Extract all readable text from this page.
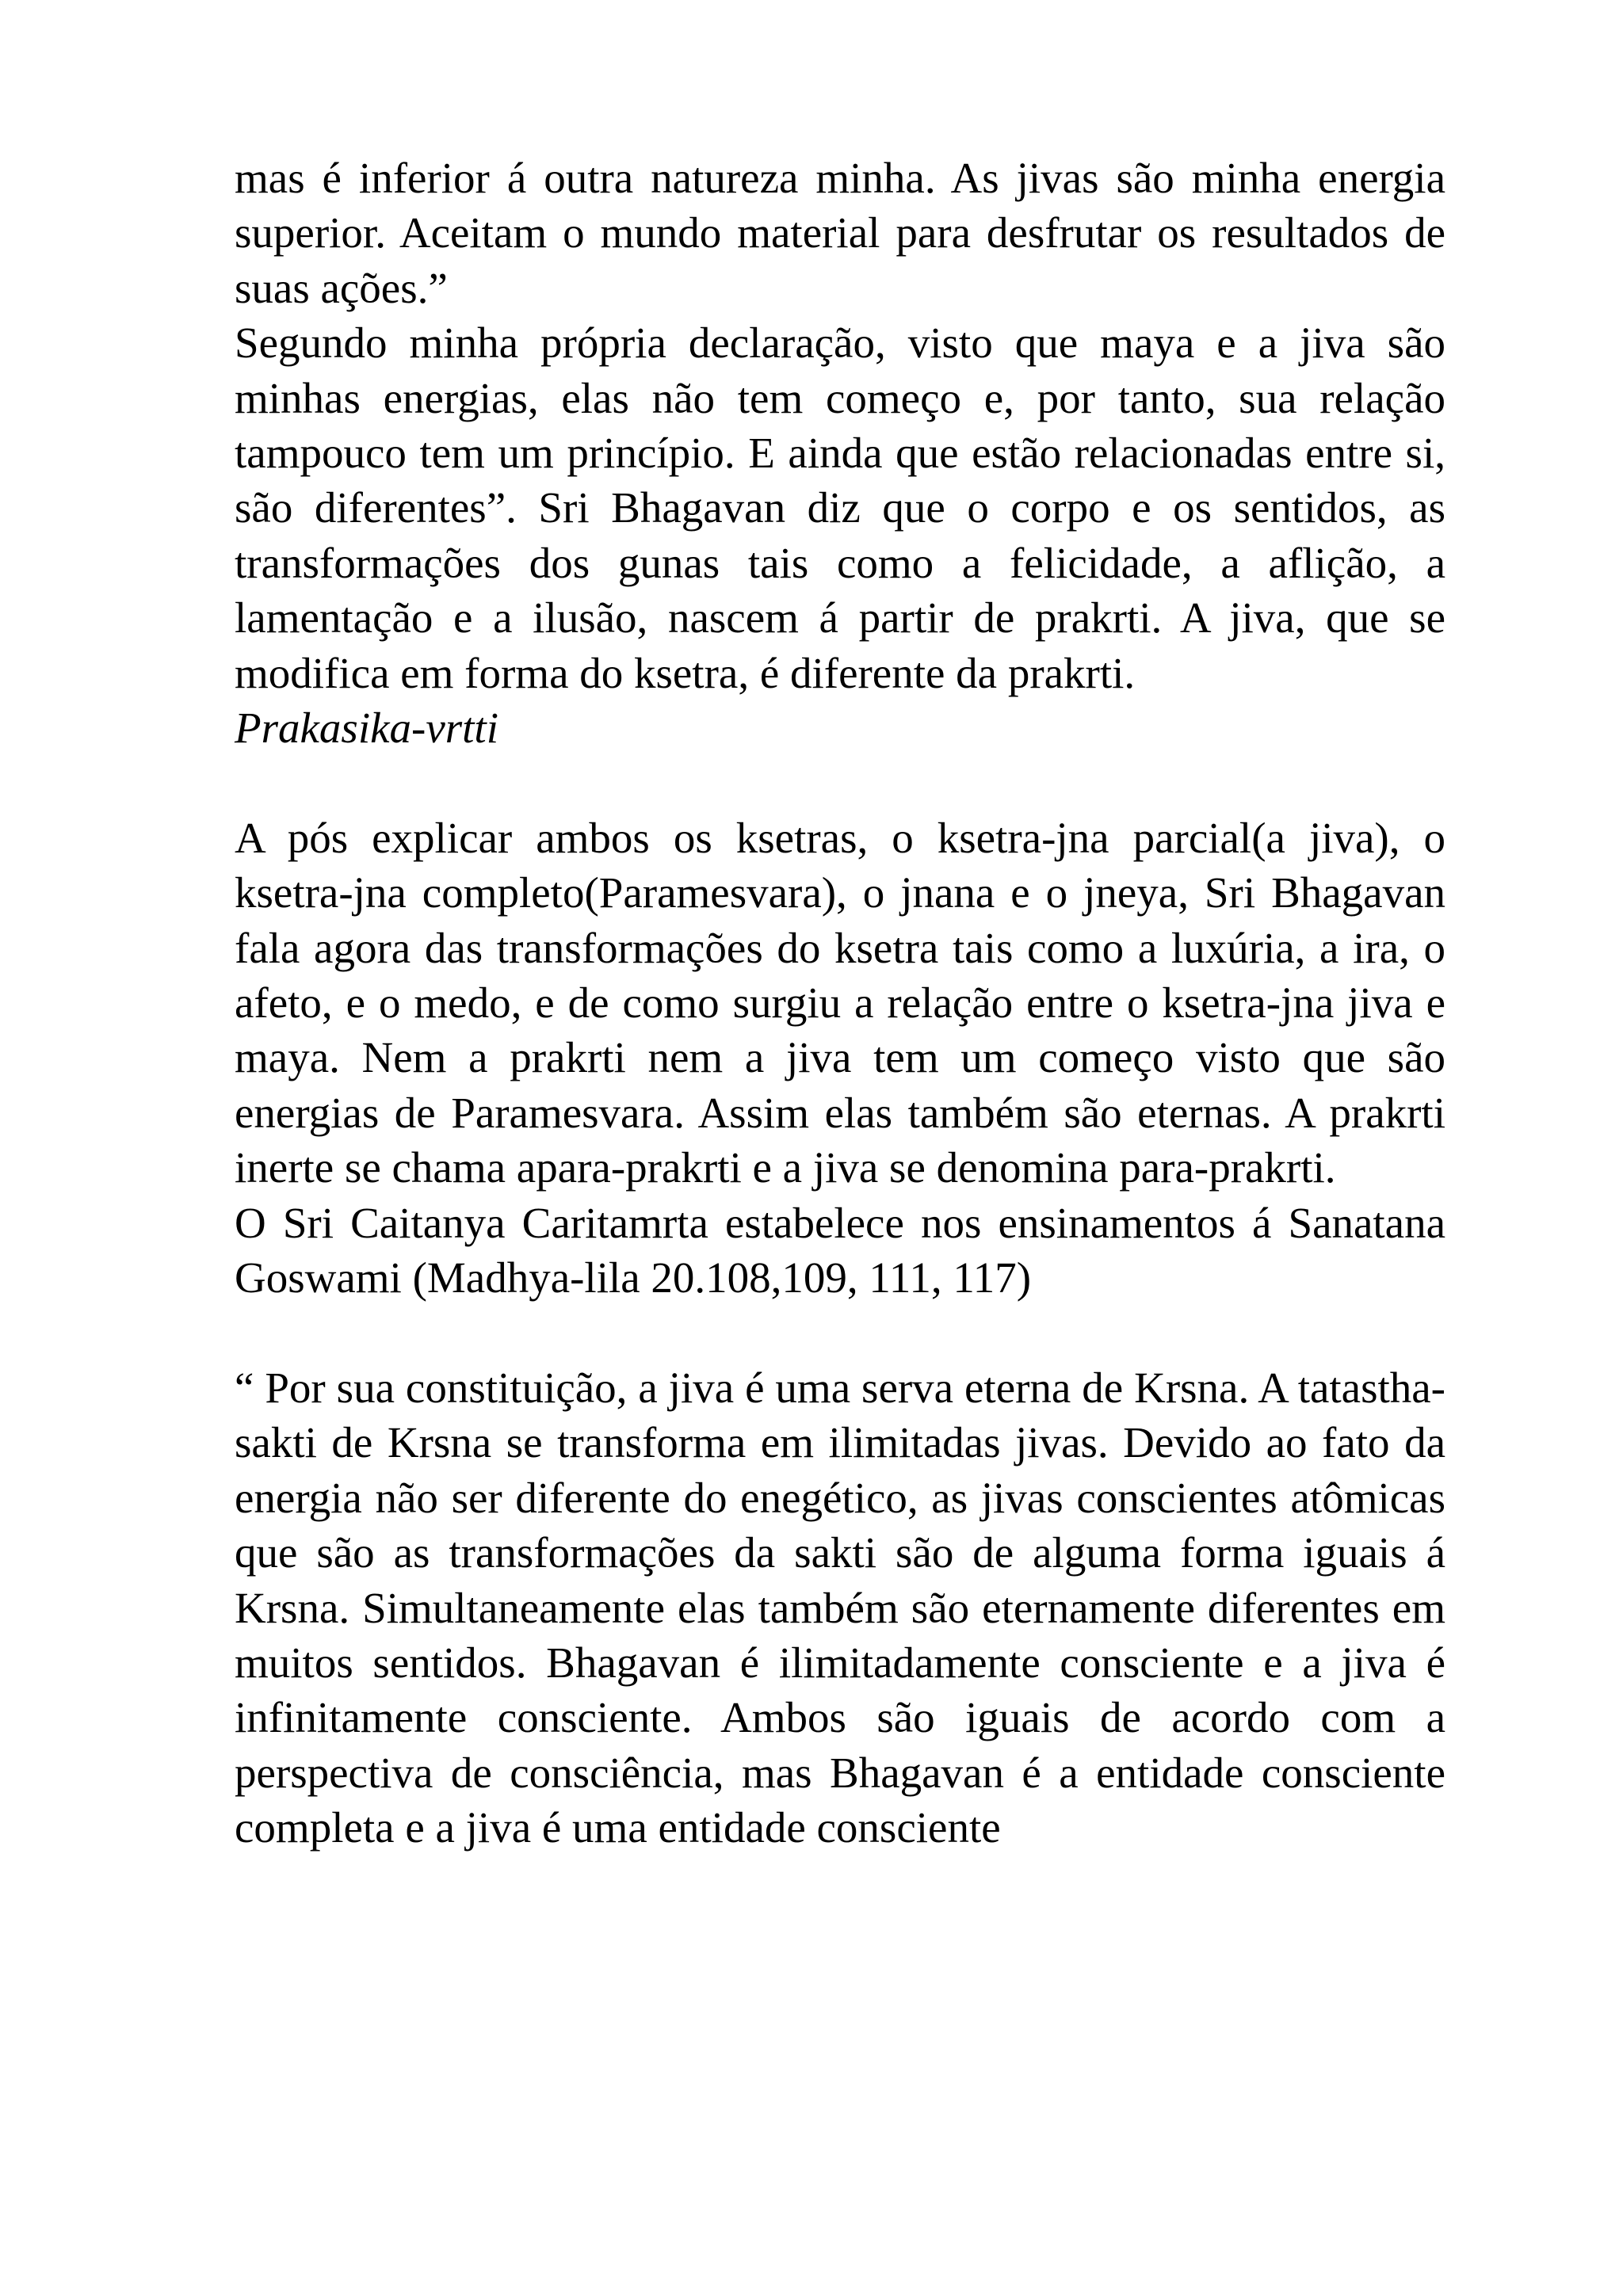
mas é inferior á outra natureza minha. As jivas são minha energia superior. Aceitam o mundo material para desfrutar os resultados de suas ações.”

Segundo minha própria declaração, visto que maya e a jiva são minhas energias, elas não tem começo e, por tanto, sua relação tampouco tem um princípio. E ainda que estão relacionadas entre si, são diferentes”. Sri Bhagavan diz que o corpo e os sentidos, as transformações dos gunas tais como a felicidade, a aflição, a lamentação e a ilusão, nascem á partir de prakrti. A jiva, que se modifica em forma do ksetra, é diferente da prakrti.

Prakasika-vrtti

A pós explicar ambos os ksetras, o ksetra-jna parcial(a jiva), o ksetra-jna completo(Paramesvara), o jnana e o jneya, Sri Bhagavan fala agora das transformações do ksetra tais como a luxúria, a ira, o afeto, e o medo, e de como surgiu a relação entre o ksetra-jna jiva e maya. Nem a prakrti nem a jiva tem um começo visto que são energias de Paramesvara. Assim elas também são eternas. A prakrti inerte se chama apara-prakrti e a jiva se denomina para-prakrti.

O Sri Caitanya Caritamrta estabelece nos ensinamentos á Sanatana Goswami (Madhya-lila 20.108,109, 111, 117)

“ Por sua constituição, a jiva é uma serva eterna de Krsna. A tatastha-sakti de Krsna se transforma em ilimitadas jivas. Devido ao fato da energia não ser diferente do enegético, as jivas conscientes atômicas que são as transformações da sakti são de alguma forma iguais á Krsna. Simultaneamente elas também são eternamente diferentes em muitos sentidos. Bhagavan é ilimitadamente consciente e a jiva é infinitamente consciente. Ambos são iguais de acordo com a perspectiva de consciência, mas Bhagavan é a entidade consciente completa e a jiva é uma entidade consciente
